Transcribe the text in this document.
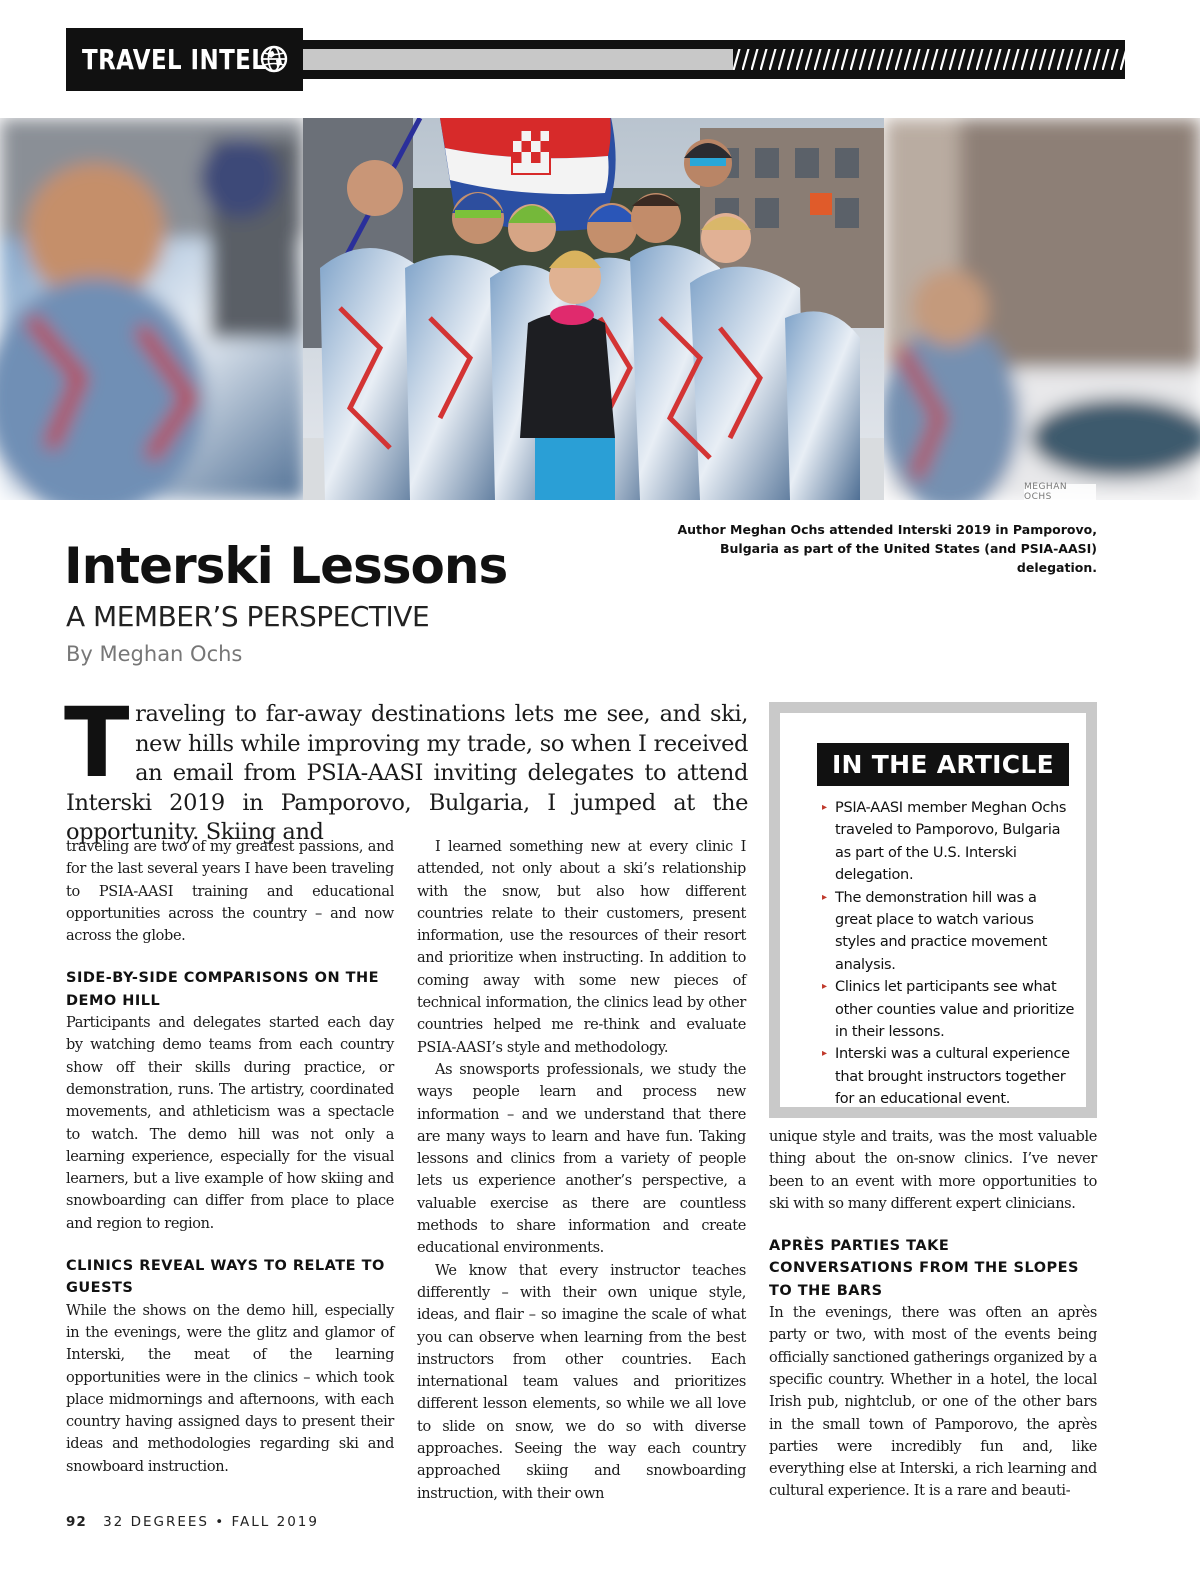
TRAVEL INTEL
MEGHAN OCHS
Author Meghan Ochs attended Interski 2019 in Pamporovo,
Bulgaria as part of the United States (and PSIA-AASI) delegation.
Interski Lessons
A MEMBER’S PERSPECTIVE
By Meghan Ochs
T raveling to far-away destinations lets me see, and ski, new hills while improving my trade, so when I received an email from PSIA-AASI inviting delegates to attend Interski 2019 in Pamporovo, Bulgaria, I jumped at the opportunity. Skiing and

traveling are two of my greatest passions, and for the last several years I have been traveling to PSIA-AASI training and educational opportunities across the country – and now across the globe.

SIDE-BY-SIDE COMPARISONS ON THE DEMO HILL

Participants and delegates started each day by watching demo teams from each country show off their skills during practice, or demonstration, runs. The artistry, coordinated movements, and athleticism was a spectacle to watch. The demo hill was not only a learning experience, especially for the visual learners, but a live example of how skiing and snowboarding can differ from place to place and region to region.

CLINICS REVEAL WAYS TO RELATE TO GUESTS

While the shows on the demo hill, especially in the evenings, were the glitz and glamor of Interski, the meat of the learning opportunities were in the clinics – which took place midmornings and afternoons, with each country having assigned days to present their ideas and methodologies regarding ski and snowboard instruction.

I learned something new at every clinic I attended, not only about a ski’s relationship with the snow, but also how different countries relate to their customers, present information, use the resources of their resort and prioritize when instructing. In addition to coming away with some new pieces of technical information, the clinics lead by other countries helped me re-think and evaluate PSIA-AASI’s style and methodology.

As snowsports professionals, we study the ways people learn and process new information – and we understand that there are many ways to learn and have fun. Taking lessons and clinics from a variety of people lets us experience another’s perspective, a valuable exercise as there are countless methods to share information and create educational environments.

We know that every instructor teaches differently – with their own unique style, ideas, and flair – so imagine the scale of what you can observe when learning from the best instructors from other countries. Each international team values and prioritizes different lesson elements, so while we all love to slide on snow, we do so with diverse approaches. Seeing the way each country approached skiing and snowboarding instruction, with their own

IN THE ARTICLE
▸ PSIA-AASI member Meghan Ochs traveled to Pamporovo, Bulgaria as part of the U.S. Interski delegation.
▸ The demonstration hill was a great place to watch various styles and practice movement analysis.
▸ Clinics let participants see what other counties value and prioritize in their lessons.
▸ Interski was a cultural experience that brought instructors together for an educational event.

unique style and traits, was the most valuable thing about the on-snow clinics. I’ve never been to an event with more opportunities to ski with so many different expert clinicians.

APRÈS PARTIES TAKE CONVERSATIONS FROM THE SLOPES TO THE BARS

In the evenings, there was often an après party or two, with most of the events being officially sanctioned gatherings organized by a specific country. Whether in a hotel, the local Irish pub, nightclub, or one of the other bars in the small town of Pamporovo, the après parties were incredibly fun and, like everything else at Interski, a rich learning and cultural experience. It is a rare and beauti-

92 32 DEGREES • FALL 2019
